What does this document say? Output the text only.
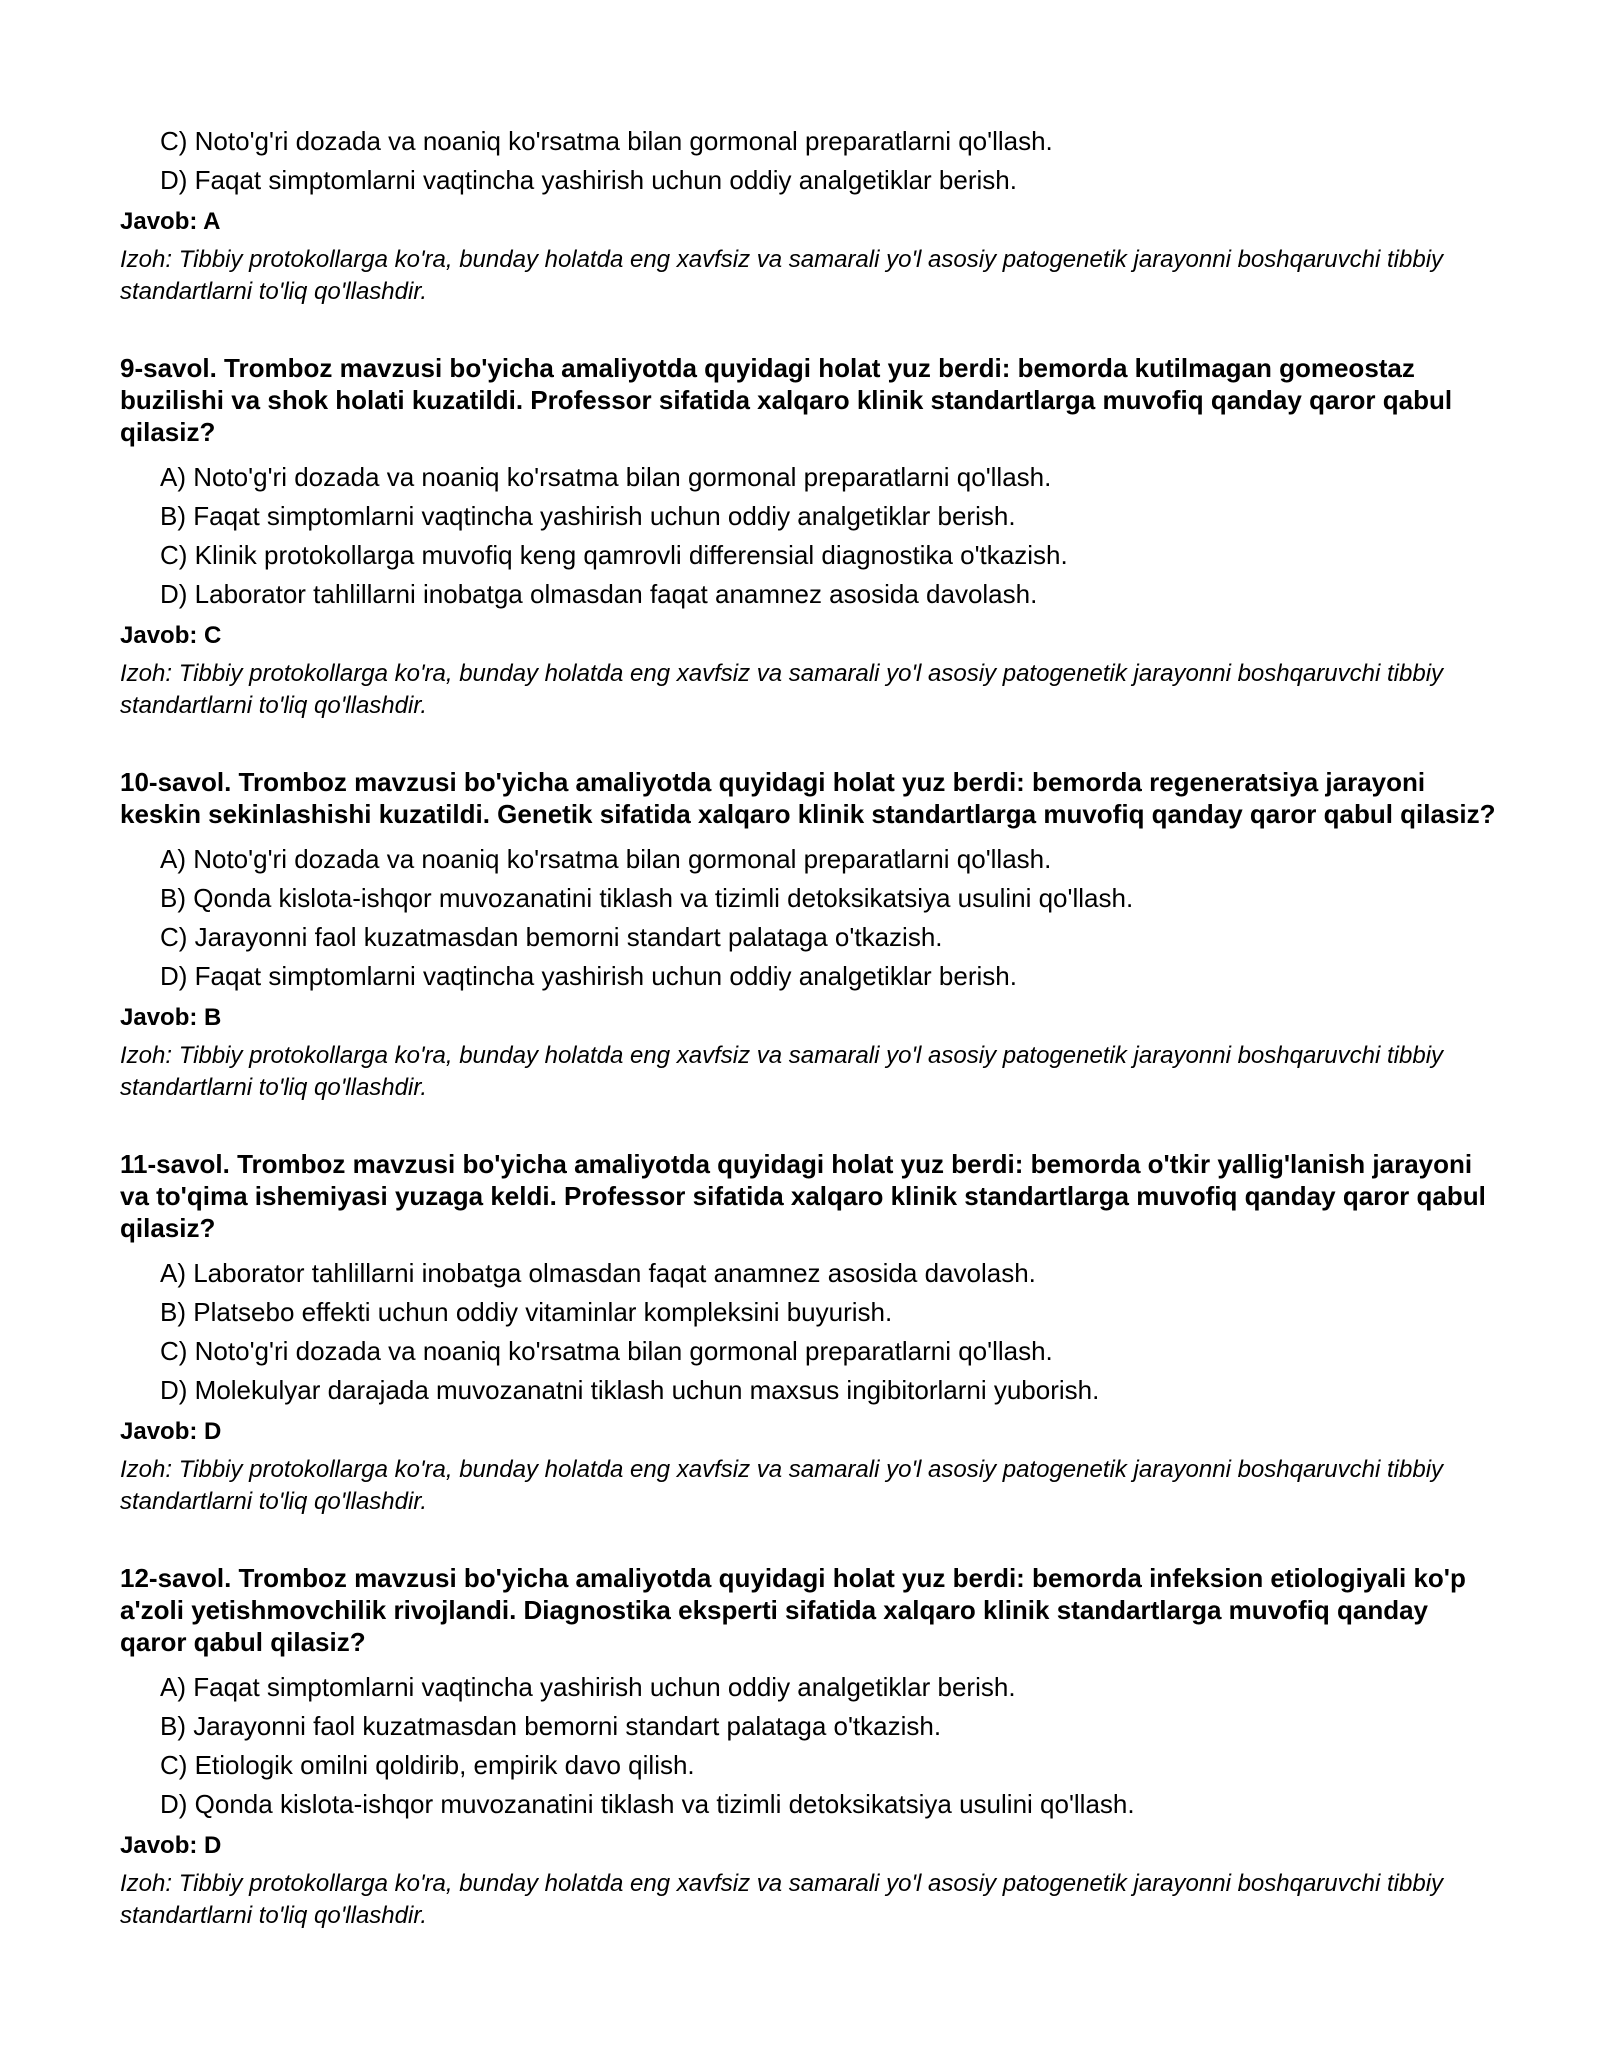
C) Noto'g'ri dozada va noaniq ko'rsatma bilan gormonal preparatlarni qo'llash.
D) Faqat simptomlarni vaqtincha yashirish uchun oddiy analgetiklar berish.
Javob: A
Izoh: Tibbiy protokollarga ko'ra, bunday holatda eng xavfsiz va samarali yo'l asosiy patogenetik jarayonni boshqaruvchi tibbiy standartlarni to'liq qo'llashdir.
9-savol. Tromboz mavzusi bo'yicha amaliyotda quyidagi holat yuz berdi: bemorda kutilmagan gomeostaz buzilishi va shok holati kuzatildi. Professor sifatida xalqaro klinik standartlarga muvofiq qanday qaror qabul qilasiz?
A) Noto'g'ri dozada va noaniq ko'rsatma bilan gormonal preparatlarni qo'llash.
B) Faqat simptomlarni vaqtincha yashirish uchun oddiy analgetiklar berish.
C) Klinik protokollarga muvofiq keng qamrovli differensial diagnostika o'tkazish.
D) Laborator tahlillarni inobatga olmasdan faqat anamnez asosida davolash.
Javob: C
Izoh: Tibbiy protokollarga ko'ra, bunday holatda eng xavfsiz va samarali yo'l asosiy patogenetik jarayonni boshqaruvchi tibbiy standartlarni to'liq qo'llashdir.
10-savol. Tromboz mavzusi bo'yicha amaliyotda quyidagi holat yuz berdi: bemorda regeneratsiya jarayoni keskin sekinlashishi kuzatildi. Genetik sifatida xalqaro klinik standartlarga muvofiq qanday qaror qabul qilasiz?
A) Noto'g'ri dozada va noaniq ko'rsatma bilan gormonal preparatlarni qo'llash.
B) Qonda kislota-ishqor muvozanatini tiklash va tizimli detoksikatsiya usulini qo'llash.
C) Jarayonni faol kuzatmasdan bemorni standart palataga o'tkazish.
D) Faqat simptomlarni vaqtincha yashirish uchun oddiy analgetiklar berish.
Javob: B
Izoh: Tibbiy protokollarga ko'ra, bunday holatda eng xavfsiz va samarali yo'l asosiy patogenetik jarayonni boshqaruvchi tibbiy standartlarni to'liq qo'llashdir.
11-savol. Tromboz mavzusi bo'yicha amaliyotda quyidagi holat yuz berdi: bemorda o'tkir yallig'lanish jarayoni va to'qima ishemiyasi yuzaga keldi. Professor sifatida xalqaro klinik standartlarga muvofiq qanday qaror qabul qilasiz?
A) Laborator tahlillarni inobatga olmasdan faqat anamnez asosida davolash.
B) Platsebo effekti uchun oddiy vitaminlar kompleksini buyurish.
C) Noto'g'ri dozada va noaniq ko'rsatma bilan gormonal preparatlarni qo'llash.
D) Molekulyar darajada muvozanatni tiklash uchun maxsus ingibitorlarni yuborish.
Javob: D
Izoh: Tibbiy protokollarga ko'ra, bunday holatda eng xavfsiz va samarali yo'l asosiy patogenetik jarayonni boshqaruvchi tibbiy standartlarni to'liq qo'llashdir.
12-savol. Tromboz mavzusi bo'yicha amaliyotda quyidagi holat yuz berdi: bemorda infeksion etiologiyali ko'p a'zoli yetishmovchilik rivojlandi. Diagnostika eksperti sifatida xalqaro klinik standartlarga muvofiq qanday qaror qabul qilasiz?
A) Faqat simptomlarni vaqtincha yashirish uchun oddiy analgetiklar berish.
B) Jarayonni faol kuzatmasdan bemorni standart palataga o'tkazish.
C) Etiologik omilni qoldirib, empirik davo qilish.
D) Qonda kislota-ishqor muvozanatini tiklash va tizimli detoksikatsiya usulini qo'llash.
Javob: D
Izoh: Tibbiy protokollarga ko'ra, bunday holatda eng xavfsiz va samarali yo'l asosiy patogenetik jarayonni boshqaruvchi tibbiy standartlarni to'liq qo'llashdir.
